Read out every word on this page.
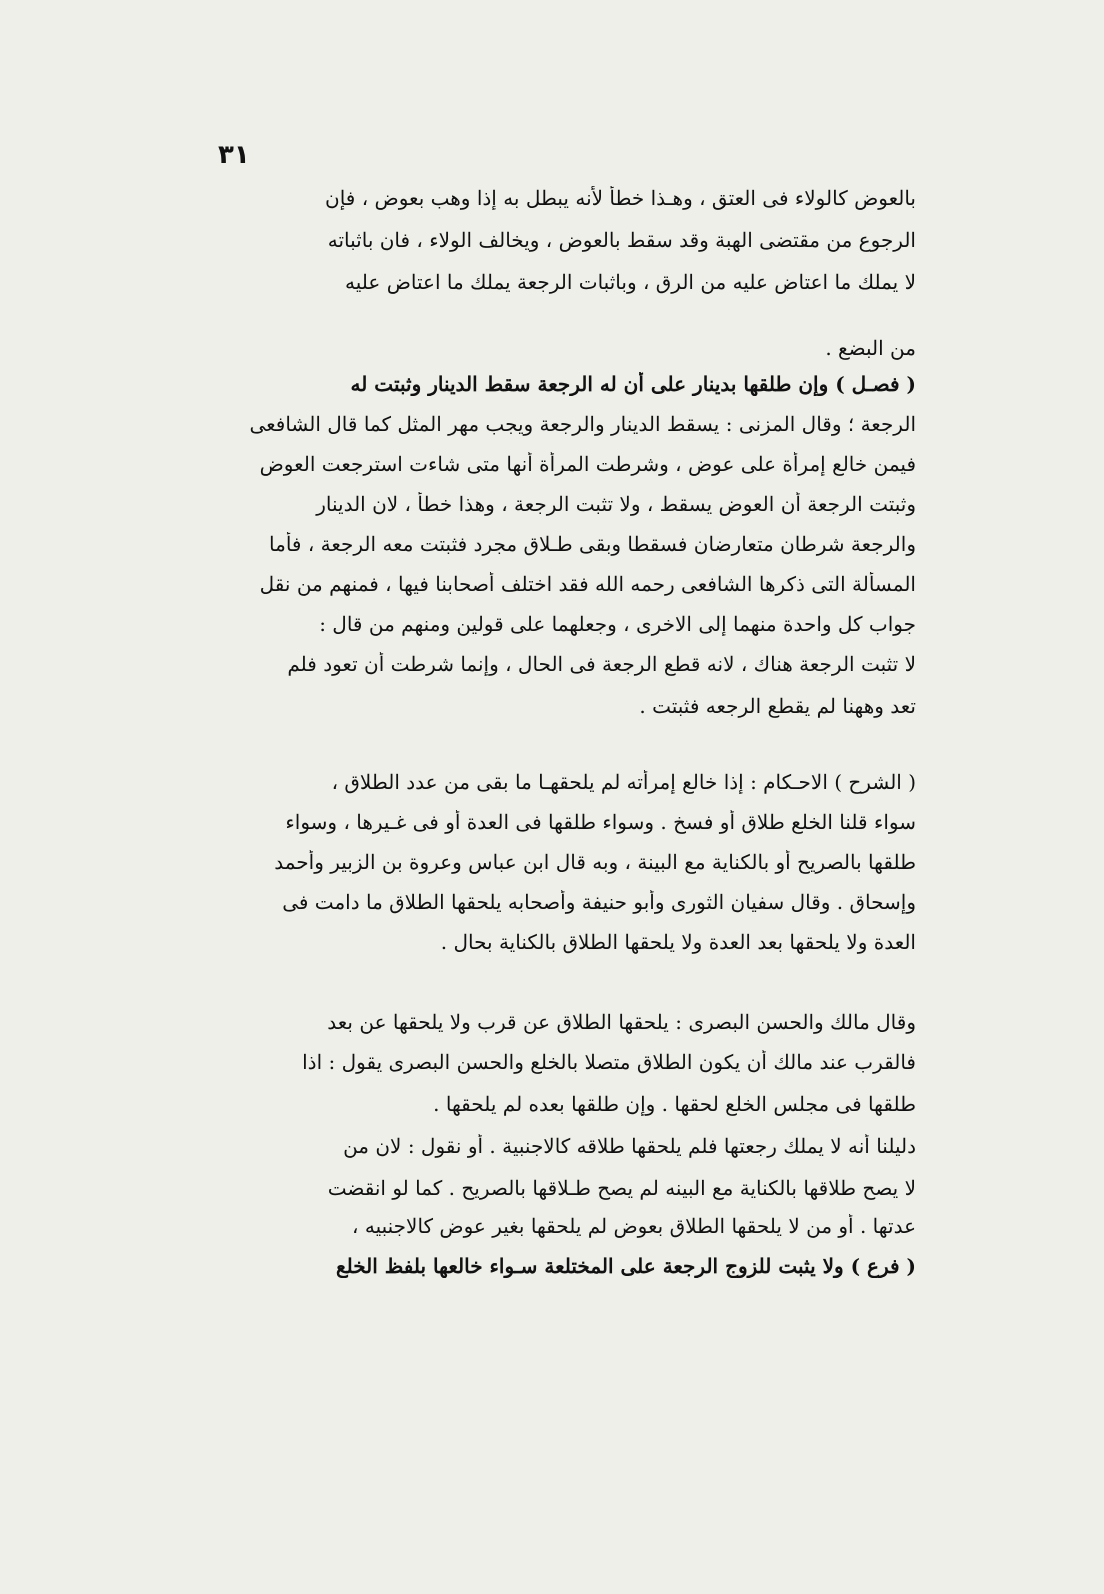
٣١
بالعوض كالولاء فى العتق ، وهـذا خطأ لأنه يبطل به إذا وهب بعوض ، فإن
الرجوع من مقتضى الهبة وقد سقط بالعوض ، ويخالف الولاء ، فان باثباته
لا يملك ما اعتاض عليه من الرق ، وباثبات الرجعة يملك ما اعتاض عليه
من البضع .
( فصـل ) وإن طلقها بدينار على أن له الرجعة سقط الدينار وثبتت له
الرجعة ؛ وقال المزنى : يسقط الدينار والرجعة ويجب مهر المثل كما قال الشافعى
فيمن خالع إمرأة على عوض ، وشرطت المرأة أنها متى شاءت استرجعت العوض
وثبتت الرجعة أن العوض يسقط ، ولا تثبت الرجعة ، وهذا خطأ ، لان الدينار
والرجعة شرطان متعارضان فسقطا وبقى طـلاق مجرد فثبتت معه الرجعة ، فأما
المسألة التى ذكرها الشافعى رحمه الله فقد اختلف أصحابنا فيها ، فمنهم من نقل
جواب كل واحدة منهما إلى الاخرى ، وجعلهما على قولين ومنهم من قال :
لا تثبت الرجعة هناك ، لانه قطع الرجعة فى الحال ، وإنما شرطت أن تعود فلم
تعد وههنا لم يقطع الرجعه فثبتت .
( الشرح ) الاحـكام : إذا خالع إمرأته لم يلحقهـا ما بقى من عدد الطلاق ،
سواء قلنا الخلع طلاق أو فسخ . وسواء طلقها فى العدة أو فى غـيرها ، وسواء
طلقها بالصريح أو بالكناية مع البينة ، وبه قال ابن عباس وعروة بن الزبير وأحمد
وإسحاق . وقال سفيان الثورى وأبو حنيفة وأصحابه يلحقها الطلاق ما دامت فى
العدة ولا يلحقها بعد العدة ولا يلحقها الطلاق بالكناية بحال .
وقال مالك والحسن البصرى : يلحقها الطلاق عن قرب ولا يلحقها عن بعد
فالقرب عند مالك أن يكون الطلاق متصلا بالخلع والحسن البصرى يقول : اذا
طلقها فى مجلس الخلع لحقها . وإن طلقها بعده لم يلحقها .
دليلنا أنه لا يملك رجعتها فلم يلحقها طلاقه كالاجنبية . أو نقول : لان من
لا يصح طلاقها بالكناية مع البينه لم يصح طـلاقها بالصريح . كما لو انقضت
عدتها . أو من لا يلحقها الطلاق بعوض لم يلحقها بغير عوض كالاجنبيه ،
( فرع ) ولا يثبت للزوج الرجعة على المختلعة سـواء خالعها بلفظ الخلع
